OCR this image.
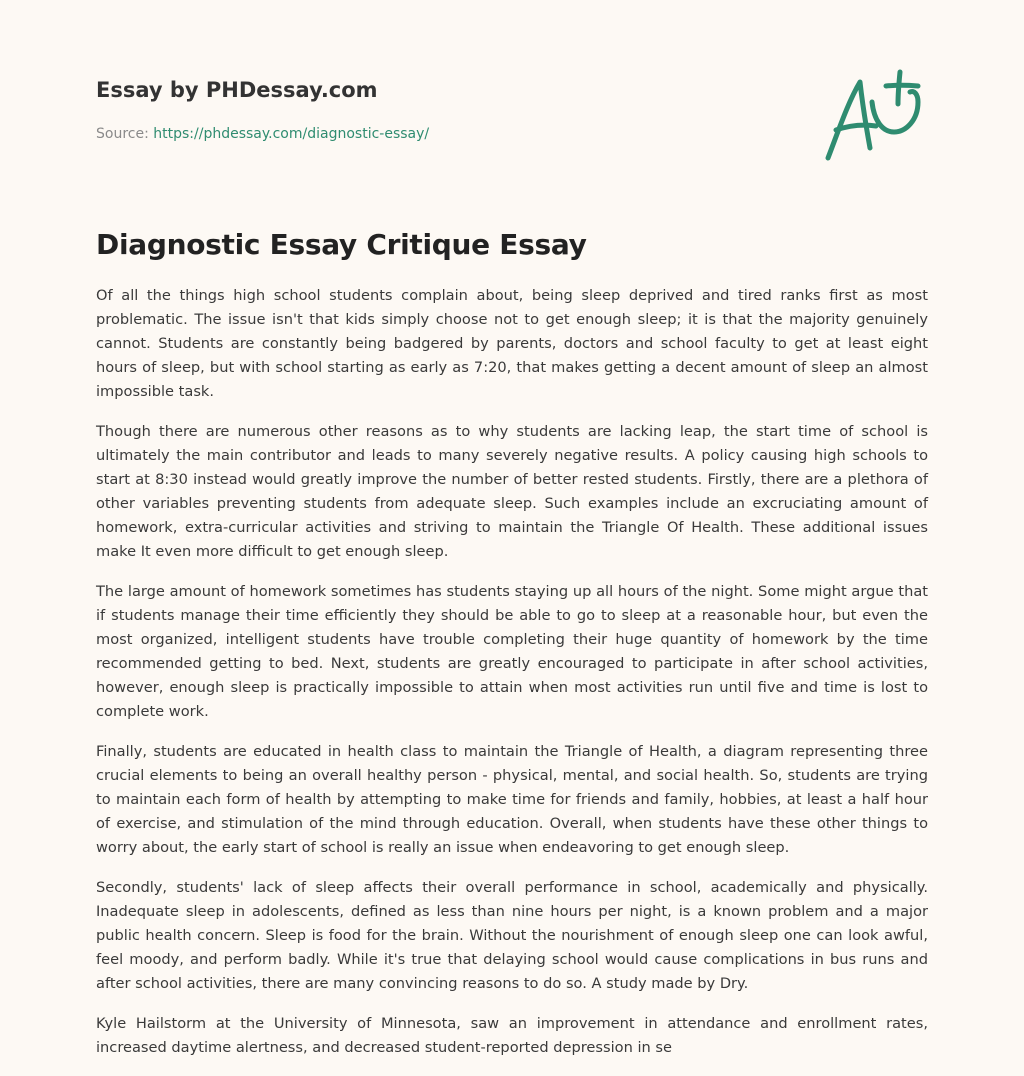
Essay by PHDessay.com
Source: https://phdessay.com/diagnostic-essay/
Diagnostic Essay Critique Essay

Of all the things high school students complain about, being sleep deprived and tired ranks first as most problematic. The issue isn't that kids simply choose not to get enough sleep; it is that the majority genuinely cannot. Students are constantly being badgered by parents, doctors and school faculty to get at least eight hours of sleep, but with school starting as early as 7:20, that makes getting a decent amount of sleep an almost impossible task.

Though there are numerous other reasons as to why students are lacking leap, the start time of school is ultimately the main contributor and leads to many severely negative results. A policy causing high schools to start at 8:30 instead would greatly improve the number of better rested students. Firstly, there are a plethora of other variables preventing students from adequate sleep. Such examples include an excruciating amount of homework, extra-curricular activities and striving to maintain the Triangle Of Health. These additional issues make It even more difficult to get enough sleep.

The large amount of homework sometimes has students staying up all hours of the night. Some might argue that if students manage their time efficiently they should be able to go to sleep at a reasonable hour, but even the most organized, intelligent students have trouble completing their huge quantity of homework by the time recommended getting to bed. Next, students are greatly encouraged to participate in after school activities, however, enough sleep is practically impossible to attain when most activities run until five and time is lost to complete work.

Finally, students are educated in health class to maintain the Triangle of Health, a diagram representing three crucial elements to being an overall healthy person - physical, mental, and social health. So, students are trying to maintain each form of health by attempting to make time for friends and family, hobbies, at least a half hour of exercise, and stimulation of the mind through education. Overall, when students have these other things to worry about, the early start of school is really an issue when endeavoring to get enough sleep.

Secondly, students' lack of sleep affects their overall performance in school, academically and physically. Inadequate sleep in adolescents, defined as less than nine hours per night, is a known problem and a major public health concern. Sleep is food for the brain. Without the nourishment of enough sleep one can look awful, feel moody, and perform badly. While it's true that delaying school would cause complications in bus runs and after school activities, there are many convincing reasons to do so. A study made by Dry.

Kyle Hailstorm at the University of Minnesota, saw an improvement in attendance and enrollment rates, increased daytime alertness, and decreased student-reported depression in se
